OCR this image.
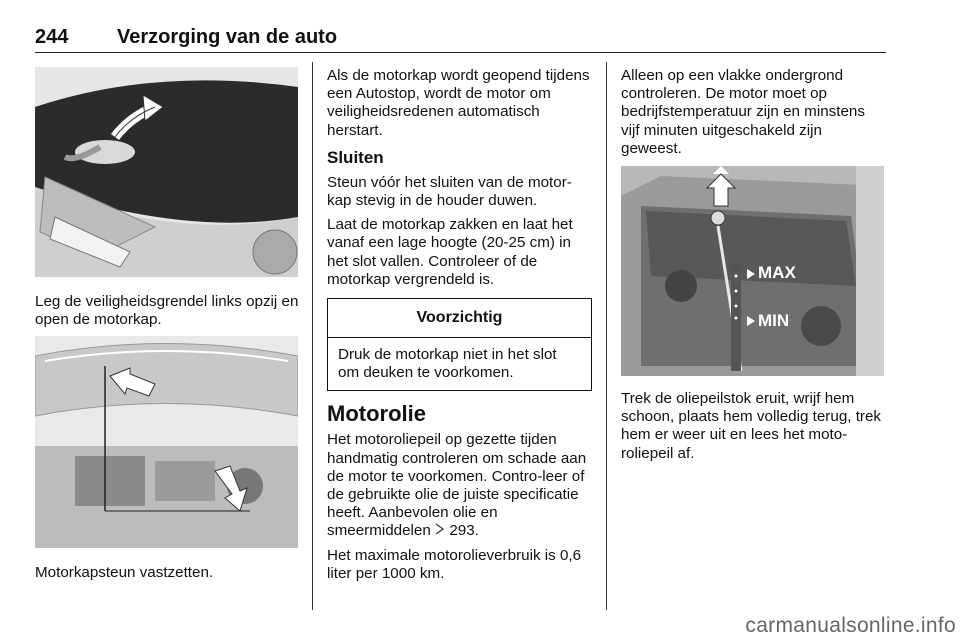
244 Verzorging van de auto
Leg de veiligheidsgrendel links opzij en open de motorkap.
Motorkapsteun vastzetten.

Als de motorkap wordt geopend tijdens een Autostop, wordt de motor om veiligheidsredenen automatisch herstart.

Sluiten

Steun vóór het sluiten van de motor-kap stevig in de houder duwen.

Laat de motorkap zakken en laat het vanaf een lage hoogte (20-25 cm) in het slot vallen. Controleer of de motorkap vergrendeld is.

Voorzichtig
Druk de motorkap niet in het slot om deuken te voorkomen.
Motorolie

Het motoroliepeil op gezette tijden handmatig controleren om schade aan de motor te voorkomen. Contro-leer of de gebruikte olie de juiste specificatie heeft. Aanbevolen olie en smeermiddelen 293.

Het maximale motorolieverbruik is 0,6 liter per 1000 km.

Alleen op een vlakke ondergrond controleren. De motor moet op bedrijfstemperatuur zijn en minstens vijf minuten uitgeschakeld zijn geweest.

MAX
MIN

Trek de oliepeilstok eruit, wrijf hem schoon, plaats hem volledig terug, trek hem er weer uit en lees het moto-roliepeil af.

carmanualsonline.info
